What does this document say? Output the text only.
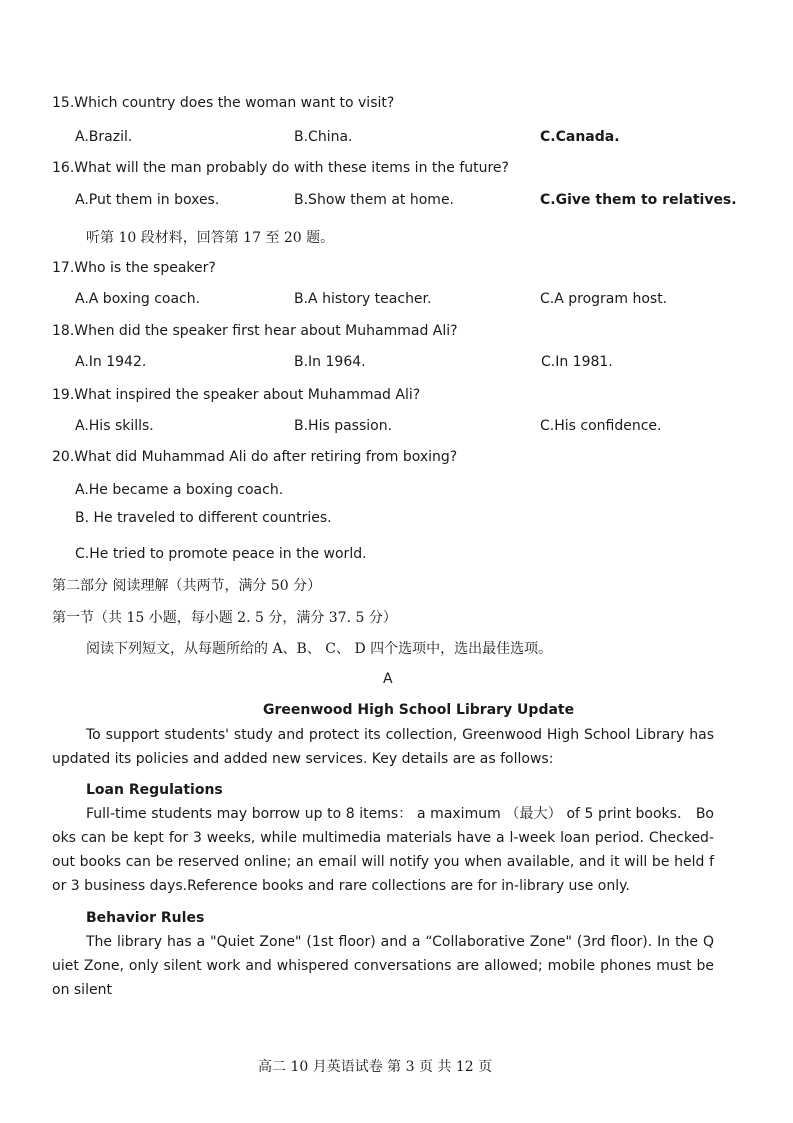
15.Which country does the woman want to visit?
A.Brazil.	B.China.	C.Canada.
16.What will the man probably do with these items in the future?
A.Put them in boxes.	B.Show them at home.	C.Give them to relatives.
听第 10 段材料，回答第 17 至 20 题。
17.Who is the speaker?
A.A boxing coach.	B.A history teacher.	C.A program host.
18.When did the speaker first hear about Muhammad Ali?
A.In 1942.	B.In 1964.	C.In 1981.
19.What inspired the speaker about Muhammad Ali?
A.His skills.	B.His passion.	C.His confidence.
20.What did Muhammad Ali do after retiring from boxing?
A.He became a boxing coach.
B. He traveled to different countries.
C.He tried to promote peace in the world.
第二部分 阅读理解（共两节，满分 50 分）
第一节（共 15 小题，每小题 2. 5 分，满分 37. 5 分）
阅读下列短文，从每题所给的 A、B、 C、 D 四个选项中，选出最佳选项。
A
Greenwood High School Library Update
To support students' study and protect its collection, Greenwood High School Library has updated its policies and added new services. Key details are as follows:
Loan Regulations
Full-time students may borrow up to 8 items： a maximum （最大） of 5 print books． Books can be kept for 3 weeks, while multimedia materials have a l-week loan period. Checked-out books can be reserved online; an email will notify you when available, and it will be held for 3 business days.Reference books and rare collections are for in-library use only.
Behavior Rules
The library has a "Quiet Zone" (1st floor) and a “Collaborative Zone" (3rd floor). In the Quiet Zone, only silent work and whispered conversations are allowed; mobile phones must be on silent
高二 10 月英语试卷 第 3 页 共 12 页
